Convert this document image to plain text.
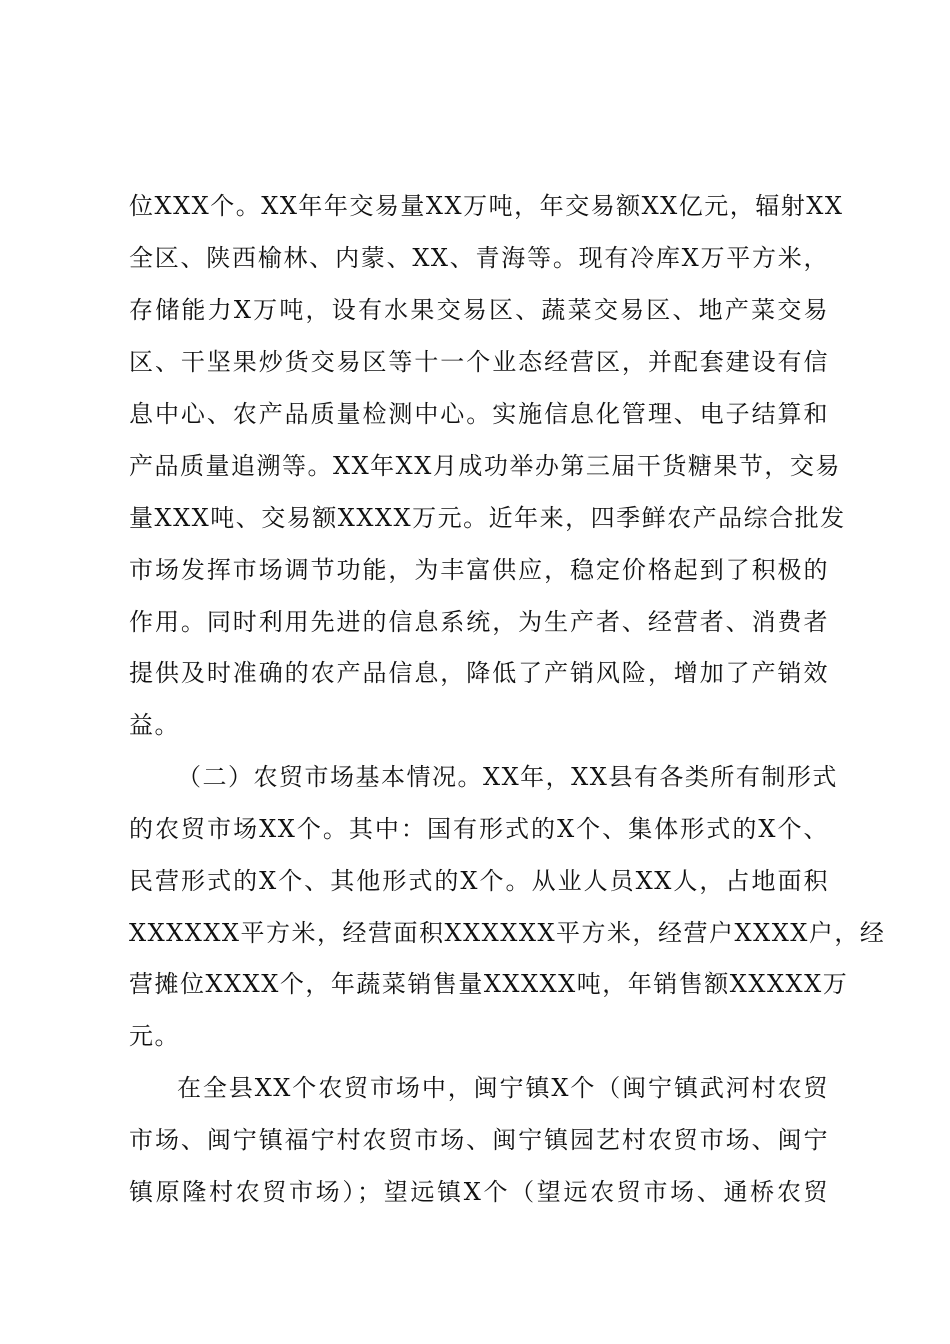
位XXX个。XX年年交易量XX万吨，年交易额XX亿元，辐射XX
全区、陕西榆林、内蒙、XX、青海等。现有冷库X万平方米，
存储能力X万吨，设有水果交易区、蔬菜交易区、地产菜交易
区、干坚果炒货交易区等十一个业态经营区，并配套建设有信
息中心、农产品质量检测中心。实施信息化管理、电子结算和
产品质量追溯等。XX年XX月成功举办第三届干货糖果节，交易
量XXX吨、交易额XXXX万元。近年来，四季鲜农产品综合批发
市场发挥市场调节功能，为丰富供应，稳定价格起到了积极的
作用。同时利用先进的信息系统，为生产者、经营者、消费者
提供及时准确的农产品信息，降低了产销风险，增加了产销效
益。
（二）农贸市场基本情况。XX年，XX县有各类所有制形式
的农贸市场XX个。其中：国有形式的X个、集体形式的X个、
民营形式的X个、其他形式的X个。从业人员XX人，占地面积
XXXXXX平方米，经营面积XXXXXX平方米，经营户XXXX户，经
营摊位XXXX个，年蔬菜销售量XXXXX吨，年销售额XXXXX万
元。
在全县XX个农贸市场中，闽宁镇X个（闽宁镇武河村农贸
市场、闽宁镇福宁村农贸市场、闽宁镇园艺村农贸市场、闽宁
镇原隆村农贸市场）；望远镇X个（望远农贸市场、通桥农贸
